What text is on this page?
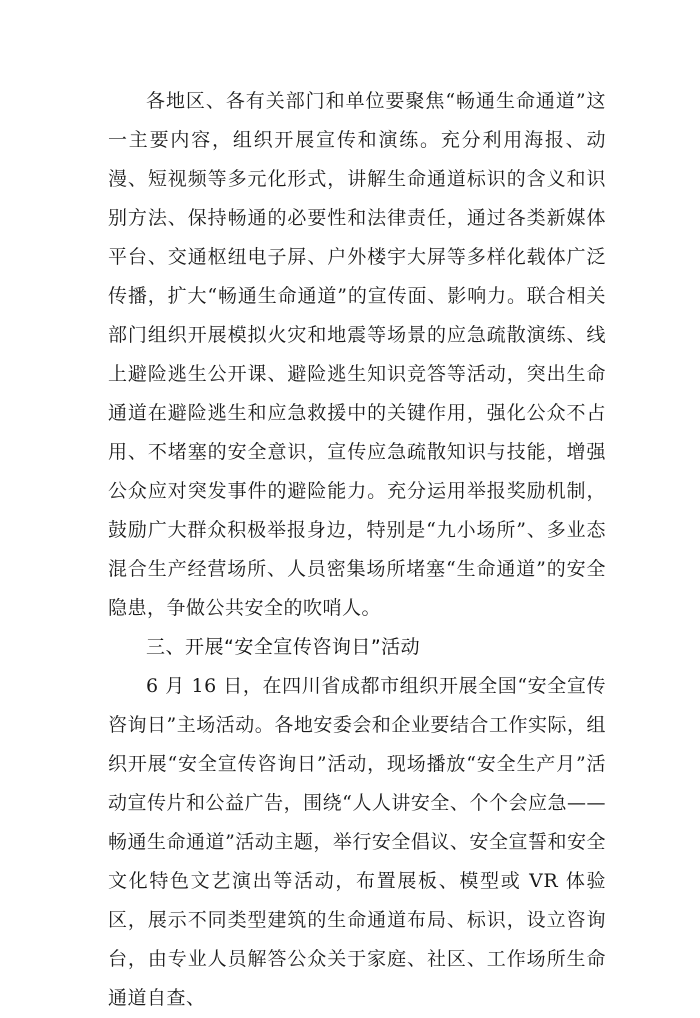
各地区、各有关部门和单位要聚焦“畅通生命通道”这一主要内容，组织开展宣传和演练。充分利用海报、动漫、短视频等多元化形式，讲解生命通道标识的含义和识别方法、保持畅通的必要性和法律责任，通过各类新媒体平台、交通枢纽电子屏、户外楼宇大屏等多样化载体广泛传播，扩大“畅通生命通道”的宣传面、影响力。联合相关部门组织开展模拟火灾和地震等场景的应急疏散演练、线上避险逃生公开课、避险逃生知识竞答等活动，突出生命通道在避险逃生和应急救援中的关键作用，强化公众不占用、不堵塞的安全意识，宣传应急疏散知识与技能，增强公众应对突发事件的避险能力。充分运用举报奖励机制，鼓励广大群众积极举报身边，特别是“九小场所”、多业态混合生产经营场所、人员密集场所堵塞“生命通道”的安全隐患，争做公共安全的吹哨人。

三、开展“安全宣传咨询日”活动

6 月 16 日，在四川省成都市组织开展全国“安全宣传咨询日”主场活动。各地安委会和企业要结合工作实际，组织开展“安全宣传咨询日”活动，现场播放“安全生产月”活动宣传片和公益广告，围绕“人人讲安全、个个会应急——畅通生命通道”活动主题，举行安全倡议、安全宣誓和安全文化特色文艺演出等活动，布置展板、模型或 VR 体验区，展示不同类型建筑的生命通道布局、标识，设立咨询台，由专业人员解答公众关于家庭、社区、工作场所生命通道自查、
